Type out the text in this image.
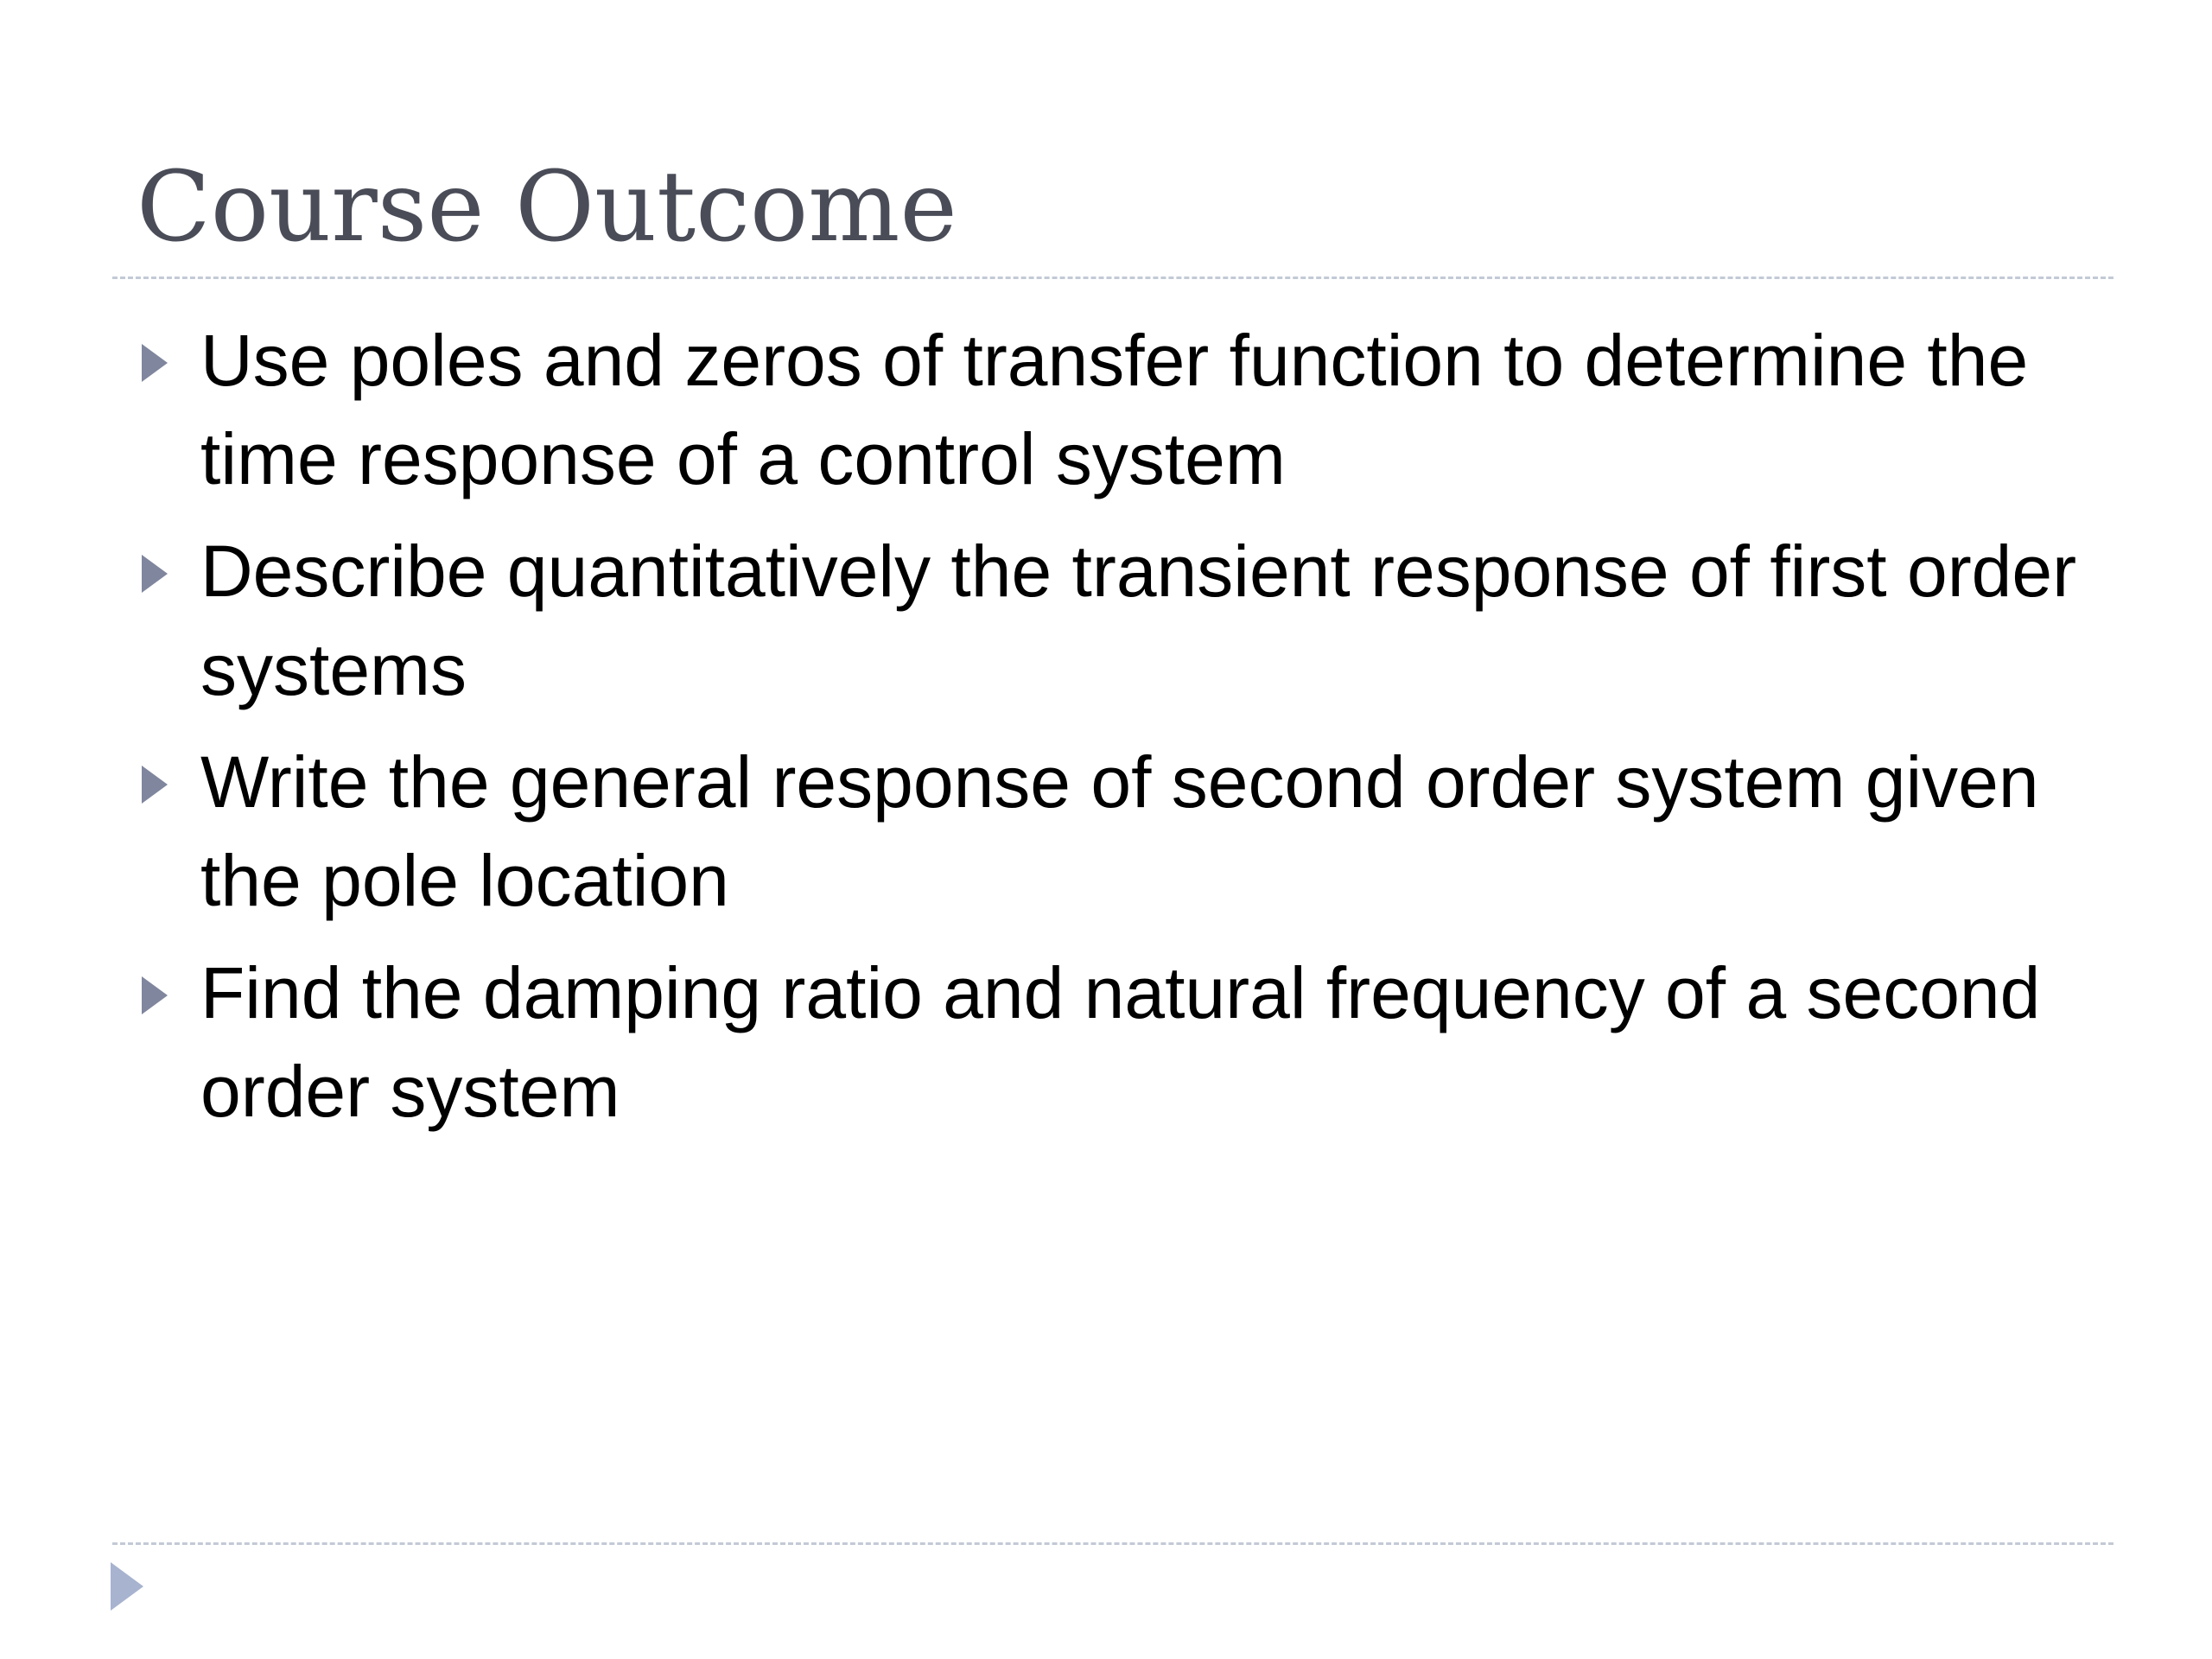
Course Outcome
Use poles and zeros of transfer function to determine the time response of a control system
Describe quantitatively the transient response of first order systems
Write the general response of second order system given the pole location
Find the damping ratio and natural frequency of a second order system
